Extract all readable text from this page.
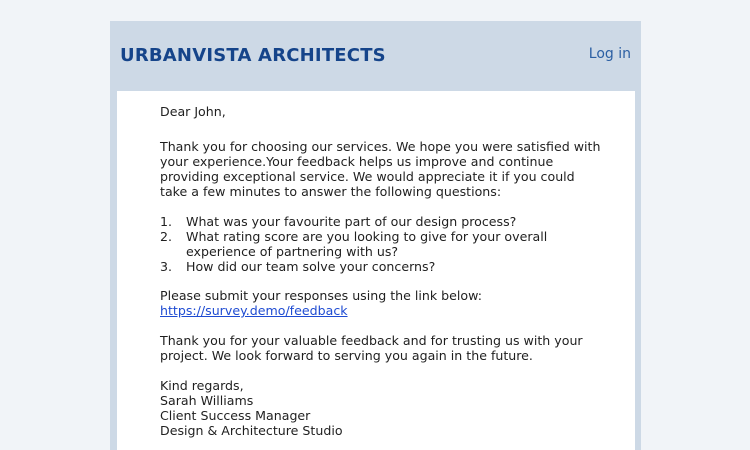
URBANVISTA ARCHITECTS	Log in

Dear John,

Thank you for choosing our services. We hope you were satisfied with
your experience.Your feedback helps us improve and continue
providing exceptional service. We would appreciate it if you could
take a few minutes to answer the following questions:

1. What was your favourite part of our design process?
2. What rating score are you looking to give for your overall
experience of partnering with us?
3. How did our team solve your concerns?

Please submit your responses using the link below:
https://survey.demo/feedback

Thank you for your valuable feedback and for trusting us with your
project. We look forward to serving you again in the future.

Kind regards,
Sarah Williams
Client Success Manager
Design & Architecture Studio
